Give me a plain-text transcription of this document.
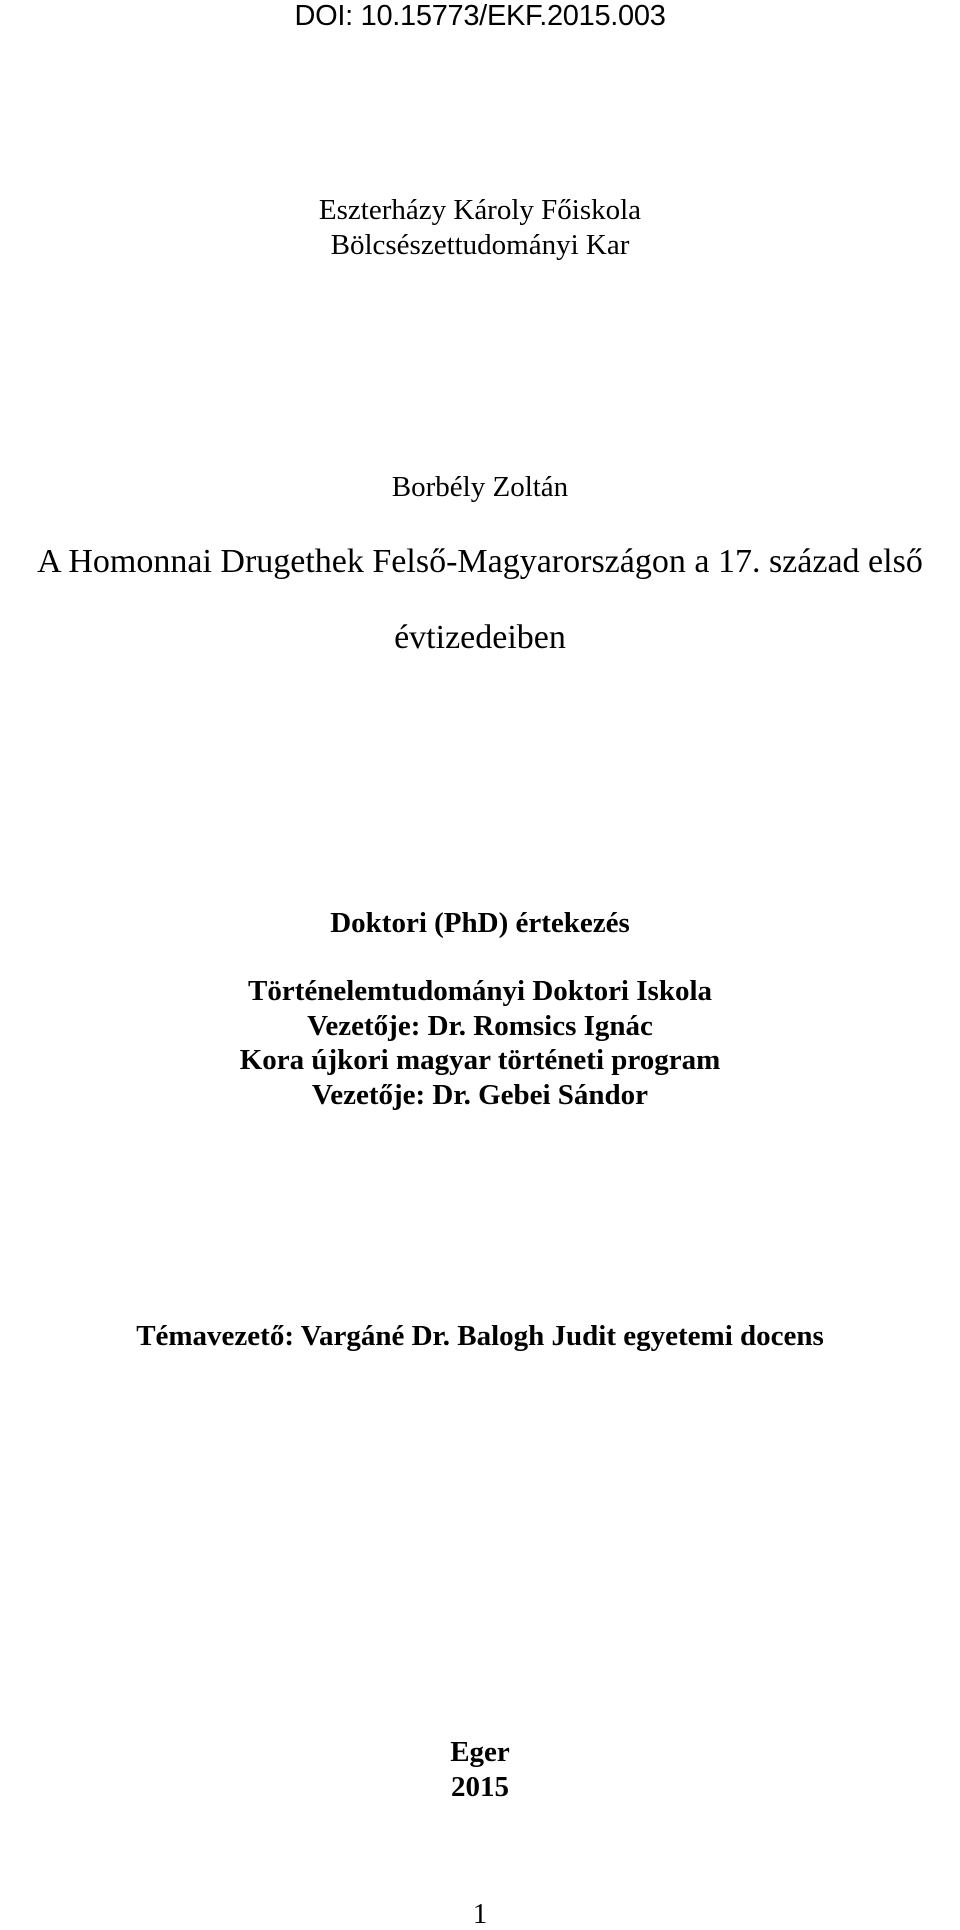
DOI: 10.15773/EKF.2015.003
Eszterházy Károly Főiskola
Bölcsészettudományi Kar
Borbély Zoltán
A Homonnai Drugethek Felső-Magyarországon a 17. század első
évtizedeiben
Doktori (PhD) értekezés
Történelemtudományi Doktori Iskola
Vezetője: Dr. Romsics Ignác
Kora újkori magyar történeti program
Vezetője: Dr. Gebei Sándor
Témavezető: Vargáné Dr. Balogh Judit egyetemi docens
Eger
2015
1
